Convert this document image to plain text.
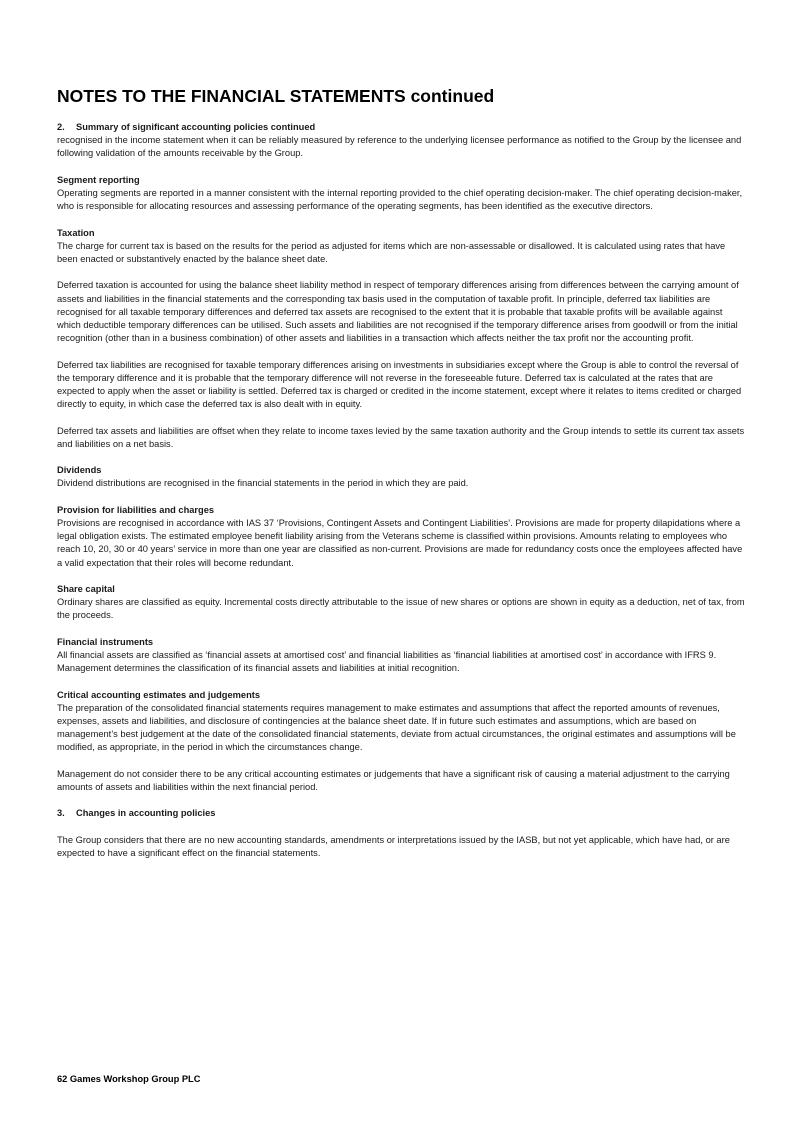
NOTES TO THE FINANCIAL STATEMENTS continued

2. Summary of significant accounting policies continued

recognised in the income statement when it can be reliably measured by reference to the underlying licensee performance as notified to the Group by the licensee and following validation of the amounts receivable by the Group.

Segment reporting

Operating segments are reported in a manner consistent with the internal reporting provided to the chief operating decision-maker. The chief operating decision-maker, who is responsible for allocating resources and assessing performance of the operating segments, has been identified as the executive directors.

Taxation

The charge for current tax is based on the results for the period as adjusted for items which are non-assessable or disallowed. It is calculated using rates that have been enacted or substantively enacted by the balance sheet date.

Deferred taxation is accounted for using the balance sheet liability method in respect of temporary differences arising from differences between the carrying amount of assets and liabilities in the financial statements and the corresponding tax basis used in the computation of taxable profit. In principle, deferred tax liabilities are recognised for all taxable temporary differences and deferred tax assets are recognised to the extent that it is probable that taxable profits will be available against which deductible temporary differences can be utilised. Such assets and liabilities are not recognised if the temporary difference arises from goodwill or from the initial recognition (other than in a business combination) of other assets and liabilities in a transaction which affects neither the tax profit nor the accounting profit.

Deferred tax liabilities are recognised for taxable temporary differences arising on investments in subsidiaries except where the Group is able to control the reversal of the temporary difference and it is probable that the temporary difference will not reverse in the foreseeable future. Deferred tax is calculated at the rates that are expected to apply when the asset or liability is settled. Deferred tax is charged or credited in the income statement, except where it relates to items credited or charged directly to equity, in which case the deferred tax is also dealt with in equity.

Deferred tax assets and liabilities are offset when they relate to income taxes levied by the same taxation authority and the Group intends to settle its current tax assets and liabilities on a net basis.

Dividends

Dividend distributions are recognised in the financial statements in the period in which they are paid.

Provision for liabilities and charges

Provisions are recognised in accordance with IAS 37 ‘Provisions, Contingent Assets and Contingent Liabilities’. Provisions are made for property dilapidations where a legal obligation exists. The estimated employee benefit liability arising from the Veterans scheme is classified within provisions. Amounts relating to employees who reach 10, 20, 30 or 40 years’ service in more than one year are classified as non-current. Provisions are made for redundancy costs once the employees affected have a valid expectation that their roles will become redundant.

Share capital

Ordinary shares are classified as equity. Incremental costs directly attributable to the issue of new shares or options are shown in equity as a deduction, net of tax, from the proceeds.

Financial instruments

All financial assets are classified as ‘financial assets at amortised cost’ and financial liabilities as ‘financial liabilities at amortised cost’ in accordance with IFRS 9. Management determines the classification of its financial assets and liabilities at initial recognition.

Critical accounting estimates and judgements

The preparation of the consolidated financial statements requires management to make estimates and assumptions that affect the reported amounts of revenues, expenses, assets and liabilities, and disclosure of contingencies at the balance sheet date. If in future such estimates and assumptions, which are based on management’s best judgement at the date of the consolidated financial statements, deviate from actual circumstances, the original estimates and assumptions will be modified, as appropriate, in the period in which the circumstances change.

Management do not consider there to be any critical accounting estimates or judgements that have a significant risk of causing a material adjustment to the carrying amounts of assets and liabilities within the next financial period.

3. Changes in accounting policies

The Group considers that there are no new accounting standards, amendments or interpretations issued by the IASB, but not yet applicable, which have had, or are expected to have a significant effect on the financial statements.

62 Games Workshop Group PLC
